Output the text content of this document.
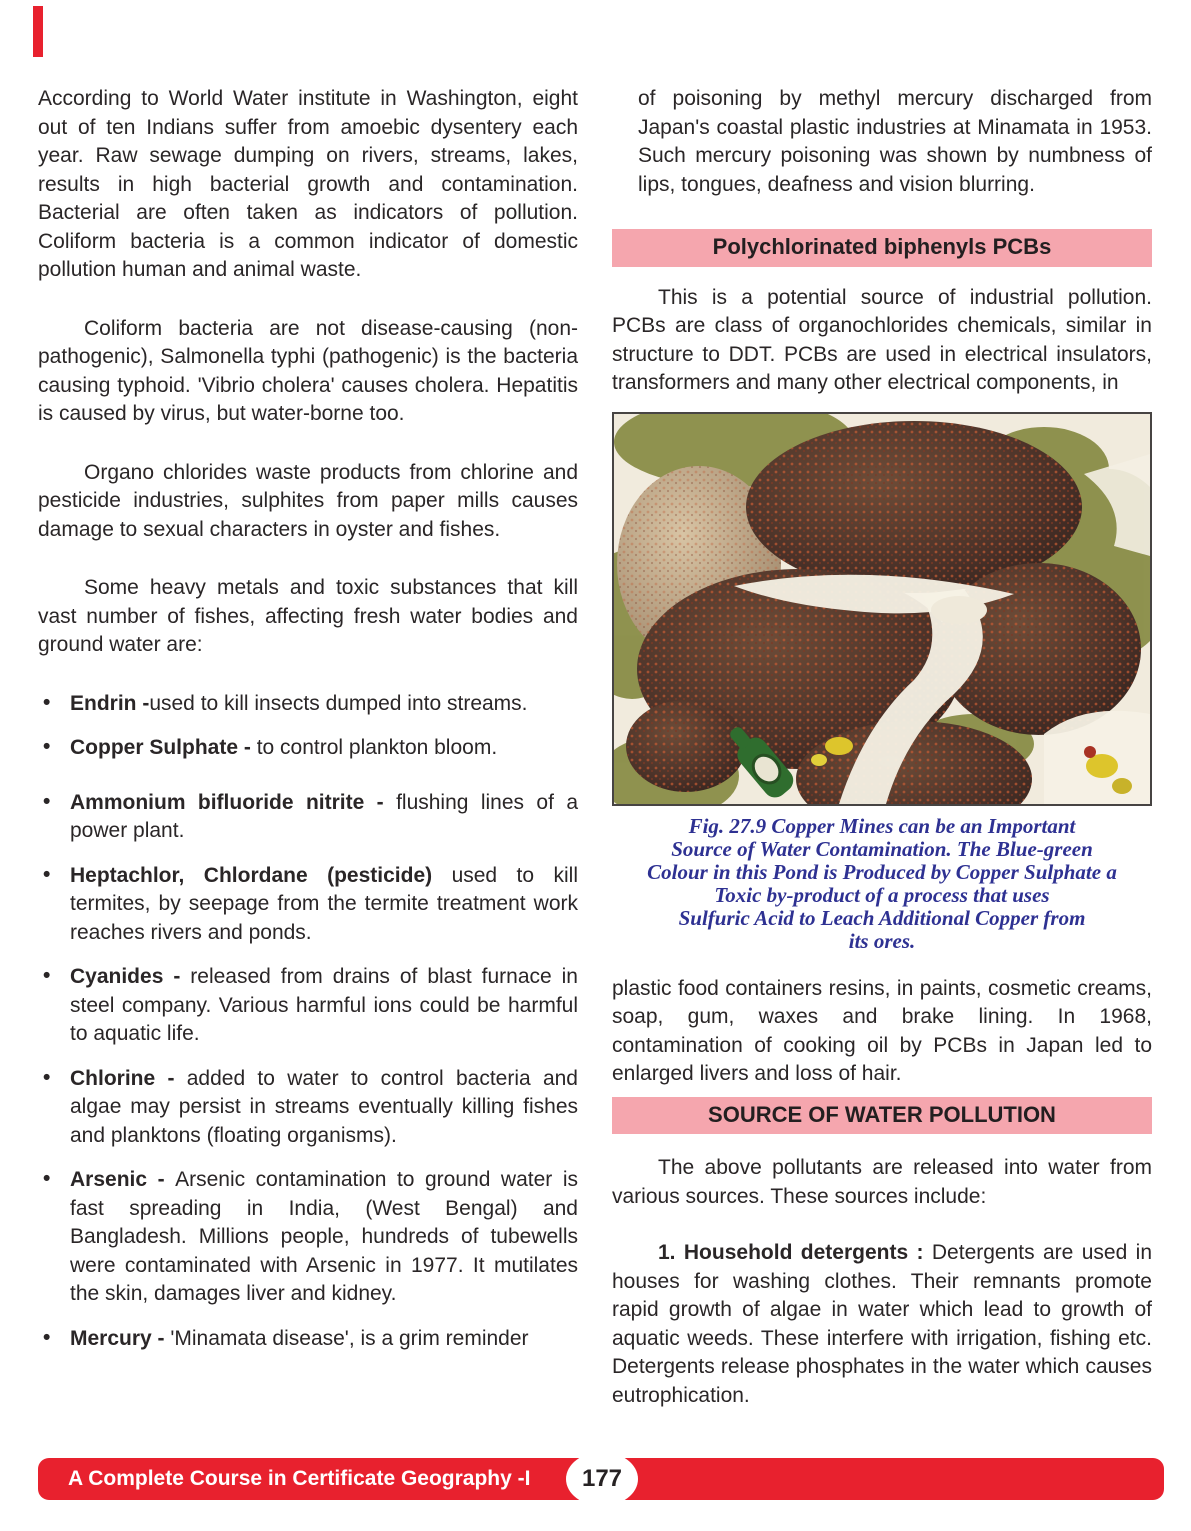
According to World Water institute in Washington, eight out of ten Indians suffer from amoebic dysentery each year. Raw sewage dumping on rivers, streams, lakes, results in high bacterial growth and contamination. Bacterial are often taken as indicators of pollution. Coliform bacteria is a common indicator of domestic pollution human and animal waste.

Coliform bacteria are not disease-causing (non-pathogenic), Salmonella typhi (pathogenic) is the bacteria causing typhoid. 'Vibrio cholera' causes cholera. Hepatitis is caused by virus, but water-borne too.

Organo chlorides waste products from chlorine and pesticide industries, sulphites from paper mills causes damage to sexual characters in oyster and fishes.

Some heavy metals and toxic substances that kill vast number of fishes, affecting fresh water bodies and ground water are:

• Endrin -used to kill insects dumped into streams.
• Copper Sulphate - to control plankton bloom.
• Ammonium bifluoride nitrite - flushing lines of a power plant.
• Heptachlor, Chlordane (pesticide) used to kill termites, by seepage from the termite treatment work reaches rivers and ponds.
• Cyanides - released from drains of blast furnace in steel company. Various harmful ions could be harmful to aquatic life.
• Chlorine - added to water to control bacteria and algae may persist in streams eventually killing fishes and planktons (floating organisms).
• Arsenic - Arsenic contamination to ground water is fast spreading in India, (West Bengal) and Bangladesh. Millions people, hundreds of tubewells were contaminated with Arsenic in 1977. It mutilates the skin, damages liver and kidney.
• Mercury - 'Minamata disease', is a grim reminder

of poisoning by methyl mercury discharged from Japan's coastal plastic industries at Minamata in 1953. Such mercury poisoning was shown by numbness of lips, tongues, deafness and vision blurring.

Polychlorinated biphenyls PCBs

This is a potential source of industrial pollution. PCBs are class of organochlorides chemicals, similar in structure to DDT. PCBs are used in electrical insulators, transformers and many other electrical components, in

Fig. 27.9 Copper Mines can be an Important
Source of Water Contamination. The Blue-green
Colour in this Pond is Produced by Copper Sulphate a
Toxic by-product of a process that uses
Sulfuric Acid to Leach Additional Copper from
its ores.

plastic food containers resins, in paints, cosmetic creams, soap, gum, waxes and brake lining. In 1968, contamination of cooking oil by PCBs in Japan led to enlarged livers and loss of hair.

SOURCE OF WATER POLLUTION

The above pollutants are released into water from various sources. These sources include:

1. Household detergents : Detergents are used in houses for washing clothes. Their remnants promote rapid growth of algae in water which lead to growth of aquatic weeds. These interfere with irrigation, fishing etc. Detergents release phosphates in the water which causes eutrophication.

A Complete Course in Certificate Geography -I	177
